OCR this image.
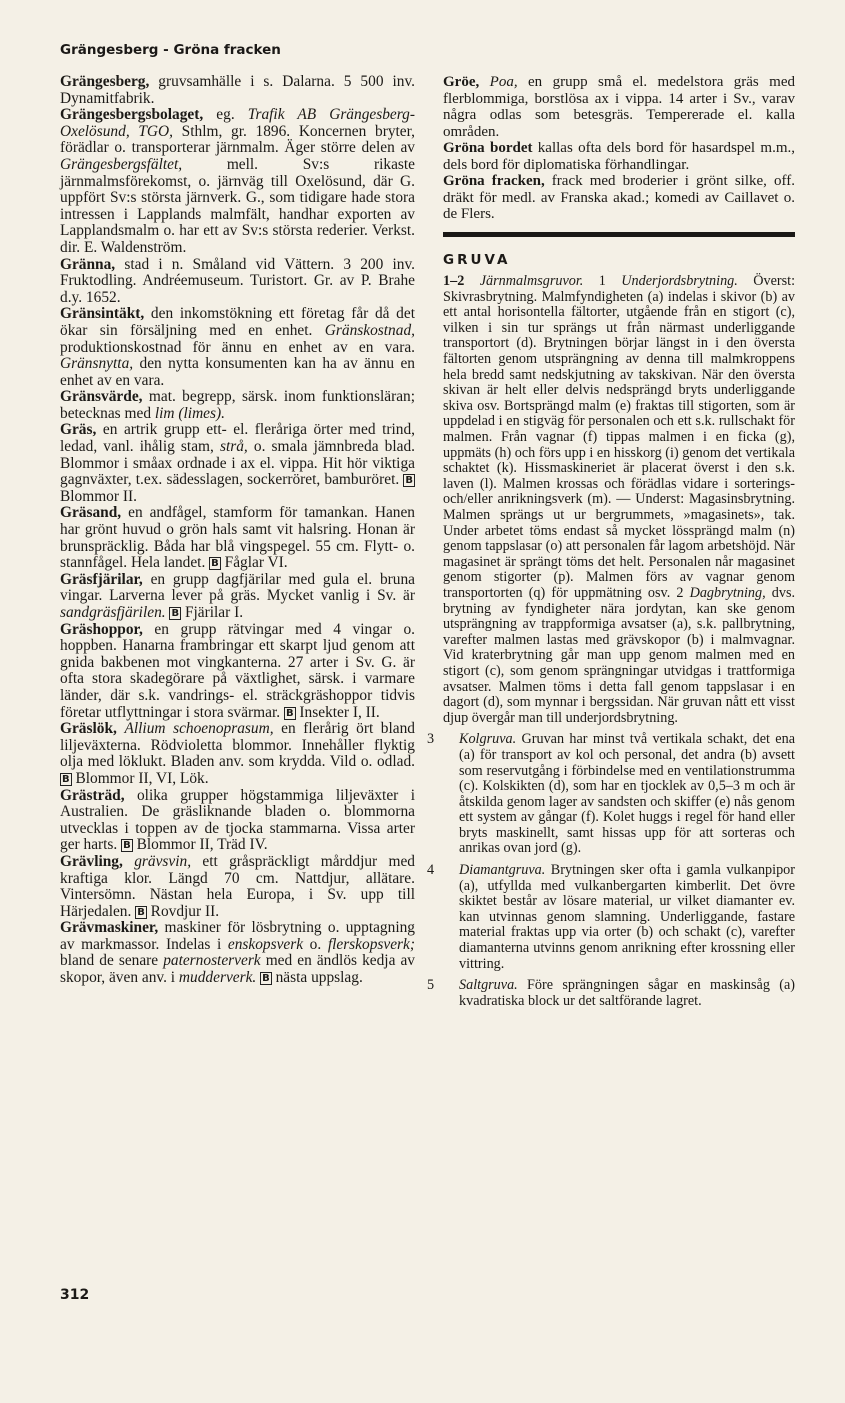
Grängesberg - Gröna fracken

Grängesberg, gruvsamhälle i s. Dalarna. 5 500 inv. Dynamitfabrik.

Grängesbergsbolaget, eg. Trafik AB Grängesberg-Oxelösund, TGO, Sthlm, gr. 1896. Koncernen bryter, förädlar o. transporterar järnmalm. Äger större delen av Grängesbergsfältet, mell. Sv:s rikaste järnmalmsförekomst, o. järnväg till Oxelösund, där G. uppfört Sv:s största järnverk. G., som tidigare hade stora intressen i Lapplands malmfält, handhar exporten av Lapplandsmalm o. har ett av Sv:s största rederier. Verkst. dir. E. Waldenström.

Gränna, stad i n. Småland vid Vättern. 3 200 inv. Fruktodling. Andréemuseum. Turistort. Gr. av P. Brahe d.y. 1652.

Gränsintäkt, den inkomstökning ett företag får då det ökar sin försäljning med en enhet. Gränskostnad, produktionskostnad för ännu en enhet av en vara. Gränsnytta, den nytta konsumenten kan ha av ännu en enhet av en vara.

Gränsvärde, mat. begrepp, särsk. inom funktionsläran; betecknas med lim (limes).

Gräs, en artrik grupp ett- el. fleråriga örter med trind, ledad, vanl. ihålig stam, strå, o. smala jämnbreda blad. Blommor i småax ordnade i ax el. vippa. Hit hör viktiga gagnväxter, t.ex. sädesslagen, sockerröret, bamburöret. B Blommor II.

Gräsand, en andfågel, stamform för tamankan. Hanen har grönt huvud o grön hals samt vit halsring. Honan är brunspräcklig. Båda har blå vingspegel. 55 cm. Flytt- o. stannfågel. Hela landet. B Fåglar VI.

Gräsfjärilar, en grupp dagfjärilar med gula el. bruna vingar. Larverna lever på gräs. Mycket vanlig i Sv. är sandgräsfjärilen. B Fjärilar I.

Gräshoppor, en grupp rätvingar med 4 vingar o. hoppben. Hanarna frambringar ett skarpt ljud genom att gnida bakbenen mot vingkanterna. 27 arter i Sv. G. är ofta stora skadegörare på växtlighet, särsk. i varmare länder, där s.k. vandrings- el. sträckgräshoppor tidvis företar utflyttningar i stora svärmar. B Insekter I, II.

Gräslök, Allium schoenoprasum, en flerårig ört bland liljeväxterna. Rödvioletta blommor. Innehåller flyktig olja med löklukt. Bladen anv. som krydda. Vild o. odlad. B Blommor II, VI, Lök.

Grästräd, olika grupper högstammiga liljeväxter i Australien. De gräsliknande bladen o. blommorna utvecklas i toppen av de tjocka stammarna. Vissa arter ger harts. B Blommor II, Träd IV.

Grävling, grävsvin, ett gråspräckligt mårddjur med kraftiga klor. Längd 70 cm. Nattdjur, allätare. Vintersömn. Nästan hela Europa, i Sv. upp till Härjedalen. B Rovdjur II.

Grävmaskiner, maskiner för lösbrytning o. upptagning av markmassor. Indelas i enskopsverk o. flerskopsverk; bland de senare paternosterverk med en ändlös kedja av skopor, även anv. i mudderverk. B nästa uppslag.

Gröe, Poa, en grupp små el. medelstora gräs med flerblommiga, borstlösa ax i vippa. 14 arter i Sv., varav några odlas som betesgräs. Tempererade el. kalla områden.

Gröna bordet kallas ofta dels bord för hasardspel m.m., dels bord för diplomatiska förhandlingar.

Gröna fracken, frack med broderier i grönt silke, off. dräkt för medl. av Franska akad.; komedi av Caillavet o. de Flers.

GRUVA

1–2 Järnmalmsgruvor. 1 Underjordsbrytning. Överst: Skivrasbrytning. Malmfyndigheten (a) indelas i skivor (b) av ett antal horisontella fältorter, utgående från en stigort (c), vilken i sin tur sprängs ut från närmast underliggande transportort (d). Brytningen börjar längst in i den översta fältorten genom utsprängning av denna till malmkroppens hela bredd samt nedskjutning av takskivan. När den översta skivan är helt eller delvis nedsprängd bryts underliggande skiva osv. Bortsprängd malm (e) fraktas till stigorten, som är uppdelad i en stigväg för personalen och ett s.k. rullschakt för malmen. Från vagnar (f) tippas malmen i en ficka (g), uppmäts (h) och förs upp i en hisskorg (i) genom det vertikala schaktet (k). Hissmaskineriet är placerat överst i den s.k. laven (l). Malmen krossas och förädlas vidare i sorterings- och/eller anrikningsverk (m). — Underst: Magasinsbrytning. Malmen sprängs ut ur bergrummets, »magasinets», tak. Under arbetet töms endast så mycket lössprängd malm (n) genom tappslasar (o) att personalen får lagom arbetshöjd. När magasinet är sprängt töms det helt. Personalen når magasinet genom stigorter (p). Malmen förs av vagnar genom transportorten (q) för uppmätning osv. 2 Dagbrytning, dvs. brytning av fyndigheter nära jordytan, kan ske genom utsprängning av trappformiga avsatser (a), s.k. pallbrytning, varefter malmen lastas med grävskopor (b) i malmvagnar. Vid kraterbrytning går man upp genom malmen med en stigort (c), som genom sprängningar utvidgas i trattformiga avsatser. Malmen töms i detta fall genom tappslasar i en dagort (d), som mynnar i bergssidan. När gruvan nått ett visst djup övergår man till underjordsbrytning.

3 Kolgruva. Gruvan har minst två vertikala schakt, det ena (a) för transport av kol och personal, det andra (b) avsett som reservutgång i förbindelse med en ventilationstrumma (c). Kolskikten (d), som har en tjocklek av 0,5–3 m och är åtskilda genom lager av sandsten och skiffer (e) nås genom ett system av gångar (f). Kolet huggs i regel för hand eller bryts maskinellt, samt hissas upp för att sorteras och anrikas ovan jord (g).

4 Diamantgruva. Brytningen sker ofta i gamla vulkanpipor (a), utfyllda med vulkanbergarten kimberlit. Det övre skiktet består av lösare material, ur vilket diamanter ev. kan utvinnas genom slamning. Underliggande, fastare material fraktas upp via orter (b) och schakt (c), varefter diamanterna utvinns genom anrikning efter krossning eller vittring.

5 Saltgruva. Före sprängningen sågar en maskinsåg (a) kvadratiska block ur det saltförande lagret.

312
